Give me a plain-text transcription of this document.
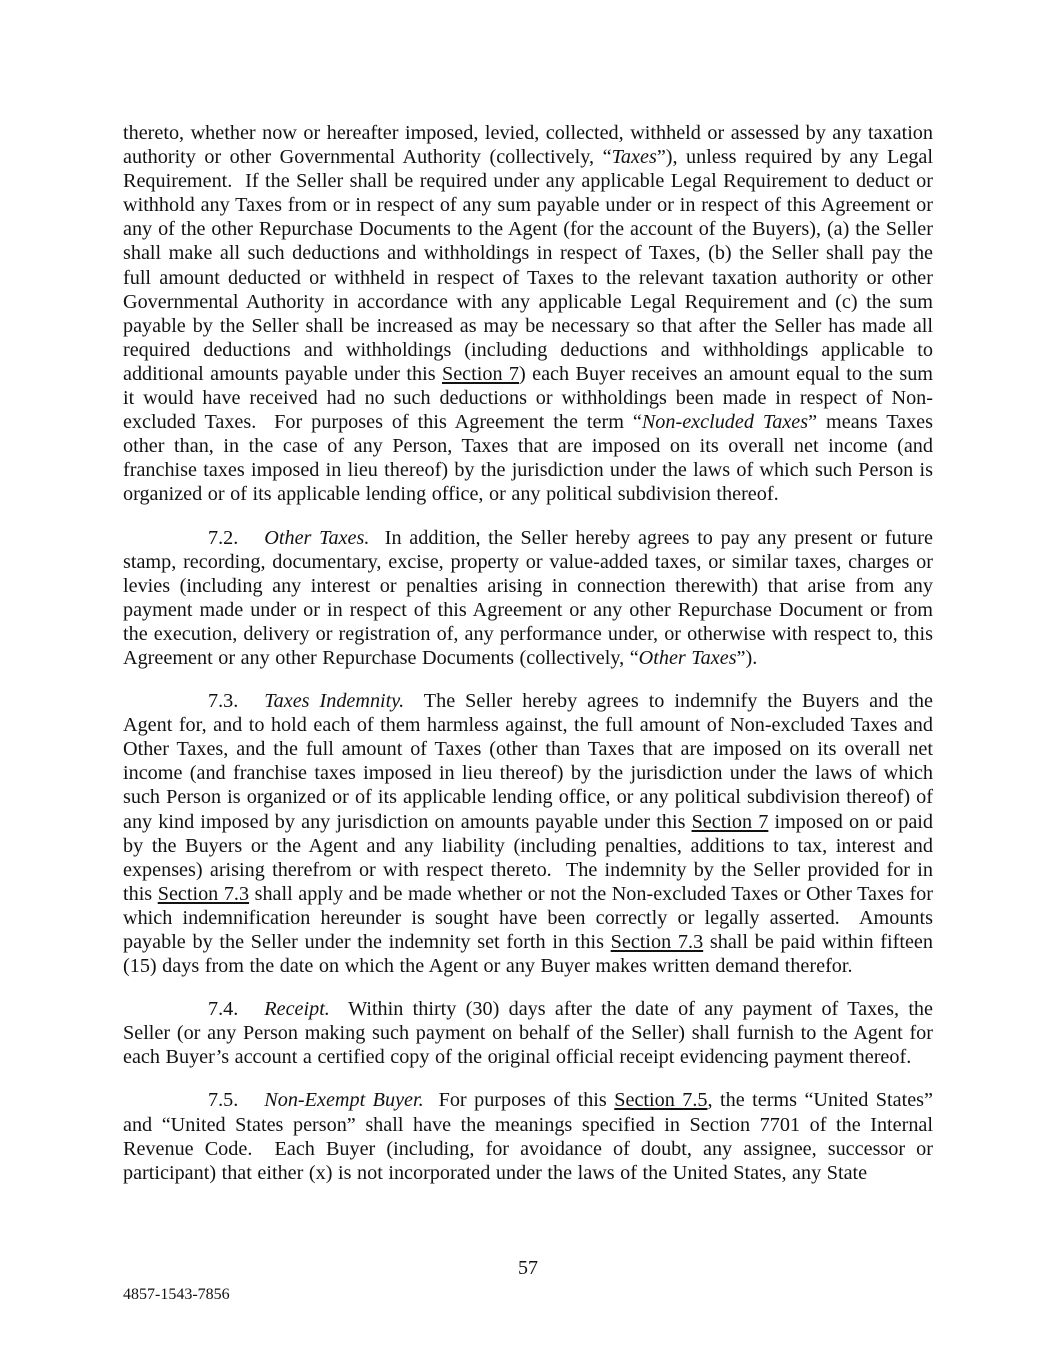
thereto, whether now or hereafter imposed, levied, collected, withheld or assessed by any taxation authority or other Governmental Authority (collectively, “Taxes”), unless required by any Legal Requirement.  If the Seller shall be required under any applicable Legal Requirement to deduct or withhold any Taxes from or in respect of any sum payable under or in respect of this Agreement or any of the other Repurchase Documents to the Agent (for the account of the Buyers), (a) the Seller shall make all such deductions and withholdings in respect of Taxes, (b) the Seller shall pay the full amount deducted or withheld in respect of Taxes to the relevant taxation authority or other Governmental Authority in accordance with any applicable Legal Requirement and (c) the sum payable by the Seller shall be increased as may be necessary so that after the Seller has made all required deductions and withholdings (including deductions and withholdings applicable to additional amounts payable under this Section 7) each Buyer receives an amount equal to the sum it would have received had no such deductions or withholdings been made in respect of Non-excluded Taxes.  For purposes of this Agreement the term “Non-excluded Taxes” means Taxes other than, in the case of any Person, Taxes that are imposed on its overall net income (and franchise taxes imposed in lieu thereof) by the jurisdiction under the laws of which such Person is organized or of its applicable lending office, or any political subdivision thereof.

7.2. Other Taxes.  In addition, the Seller hereby agrees to pay any present or future stamp, recording, documentary, excise, property or value-added taxes, or similar taxes, charges or levies (including any interest or penalties arising in connection therewith) that arise from any payment made under or in respect of this Agreement or any other Repurchase Document or from the execution, delivery or registration of, any performance under, or otherwise with respect to, this Agreement or any other Repurchase Documents (collectively, “Other Taxes”).

7.3. Taxes Indemnity.  The Seller hereby agrees to indemnify the Buyers and the Agent for, and to hold each of them harmless against, the full amount of Non-excluded Taxes and Other Taxes, and the full amount of Taxes (other than Taxes that are imposed on its overall net income (and franchise taxes imposed in lieu thereof) by the jurisdiction under the laws of which such Person is organized or of its applicable lending office, or any political subdivision thereof) of any kind imposed by any jurisdiction on amounts payable under this Section 7 imposed on or paid by the Buyers or the Agent and any liability (including penalties, additions to tax, interest and expenses) arising therefrom or with respect thereto.  The indemnity by the Seller provided for in this Section 7.3 shall apply and be made whether or not the Non-excluded Taxes or Other Taxes for which indemnification hereunder is sought have been correctly or legally asserted.  Amounts payable by the Seller under the indemnity set forth in this Section 7.3 shall be paid within fifteen (15) days from the date on which the Agent or any Buyer makes written demand therefor.

7.4. Receipt.  Within thirty (30) days after the date of any payment of Taxes, the Seller (or any Person making such payment on behalf of the Seller) shall furnish to the Agent for each Buyer’s account a certified copy of the original official receipt evidencing payment thereof.

7.5. Non-Exempt Buyer.  For purposes of this Section 7.5, the terms “United States” and “United States person” shall have the meanings specified in Section 7701 of the Internal Revenue Code.  Each Buyer (including, for avoidance of doubt, any assignee, successor or participant) that either (x) is not incorporated under the laws of the United States, any State

57
4857-1543-7856
